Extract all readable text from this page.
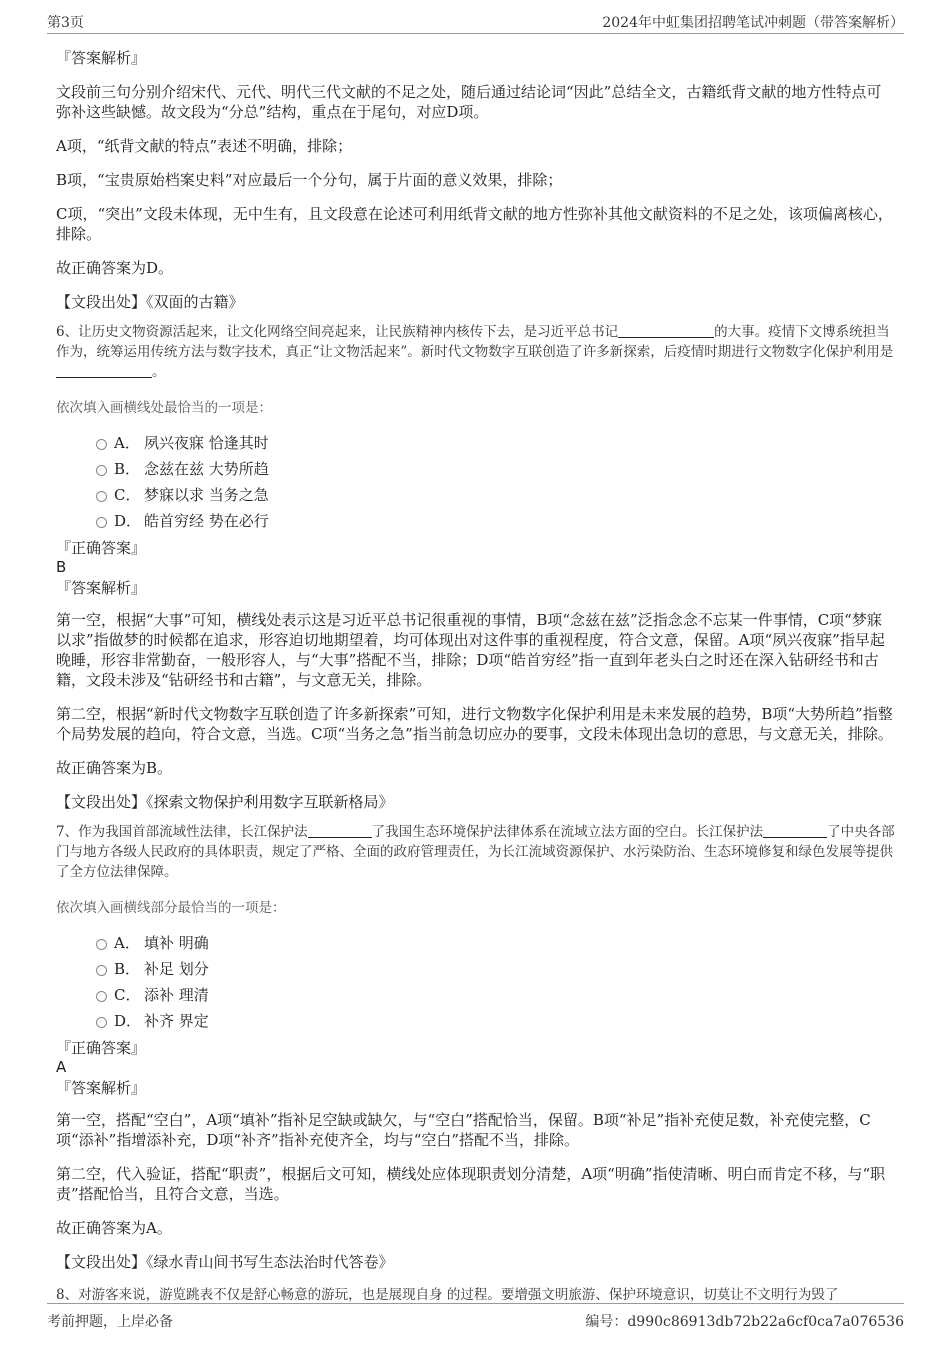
第3页	2024年中虹集团招聘笔试冲刺题（带答案解析）

『答案解析』

文段前三句分别介绍宋代、元代、明代三代文献的不足之处，随后通过结论词“因此”总结全文，古籍纸背文献的地方性特点可弥补这些缺憾。故文段为“分总”结构，重点在于尾句，对应D项。

A项，“纸背文献的特点”表述不明确，排除；

B项，“宝贵原始档案史料”对应最后一个分句，属于片面的意义效果，排除；

C项，“突出”文段未体现，无中生有，且文段意在论述可利用纸背文献的地方性弥补其他文献资料的不足之处，该项偏离核心，排除。

故正确答案为D。

【文段出处】《双面的古籍》

6、让历史文物资源活起来，让文化网络空间亮起来，让民族精神内核传下去，是习近平总书记	的大事。疫情下文博系统担当作为，统筹运用传统方法与数字技术，真正“让文物活起来”。新时代文物数字互联创造了许多新探索，后疫情时期进行文物数字化保护利用是。

依次填入画横线处最恰当的一项是：

A． 夙兴夜寐 恰逢其时
B． 念兹在兹 大势所趋
C． 梦寐以求 当务之急
D． 皓首穷经 势在必行

『正确答案』

B

『答案解析』

第一空，根据“大事”可知，横线处表示这是习近平总书记很重视的事情，B项“念兹在兹”泛指念念不忘某一件事情，C项“梦寐以求”指做梦的时候都在追求，形容迫切地期望着，均可体现出对这件事的重视程度，符合文意，保留。A项“夙兴夜寐”指早起晚睡，形容非常勤奋，一般形容人，与“大事”搭配不当，排除；D项“皓首穷经”指一直到年老头白之时还在深入钻研经书和古籍，文段未涉及“钻研经书和古籍”，与文意无关，排除。

第二空，根据“新时代文物数字互联创造了许多新探索”可知，进行文物数字化保护利用是未来发展的趋势，B项“大势所趋”指整个局势发展的趋向，符合文意，当选。C项“当务之急”指当前急切应办的要事，文段未体现出急切的意思，与文意无关，排除。

故正确答案为B。

【文段出处】《探索文物保护利用数字互联新格局》

7、作为我国首部流域性法律，长江保护法	了我国生态环境保护法律体系在流域立法方面的空白。长江保护法	了中央各部门与地方各级人民政府的具体职责，规定了严格、全面的政府管理责任，为长江流域资源保护、水污染防治、生态环境修复和绿色发展等提供了全方位法律保障。

依次填入画横线部分最恰当的一项是：

A． 填补 明确
B． 补足 划分
C． 添补 理清
D． 补齐 界定

『正确答案』

A

『答案解析』

第一空，搭配“空白”，A项“填补”指补足空缺或缺欠，与“空白”搭配恰当，保留。B项“补足”指补充使足数，补充使完整，C项“添补”指增添补充，D项“补齐”指补充使齐全，均与“空白”搭配不当，排除。

第二空，代入验证，搭配“职责”，根据后文可知，横线处应体现职责划分清楚，A项“明确”指使清晰、明白而肯定不移，与“职责”搭配恰当，且符合文意，当选。

故正确答案为A。

【文段出处】《绿水青山间书写生态法治时代答卷》

8、对游客来说，游览跳表不仅是舒心畅意的游玩，也是展现自身 的过程。要增强文明旅游、保护环境意识，切莫让不文明行为毁了
考前押题，上岸必备	编号：d990c86913db72b22a6cf0ca7a076536
